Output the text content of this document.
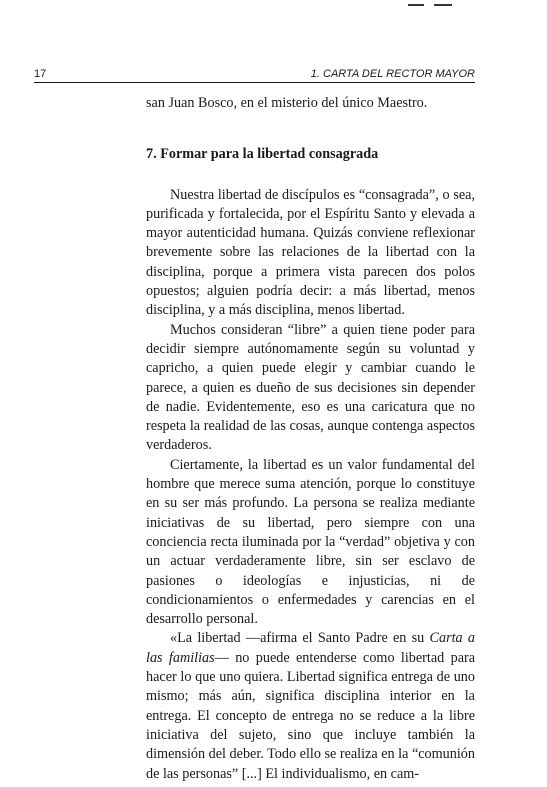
17	1. CARTA DEL RECTOR MAYOR

san Juan Bosco, en el misterio del único Maestro.

7. Formar para la libertad consagrada

Nuestra libertad de discípulos es “consagrada”, o sea, purificada y fortalecida, por el Espíritu Santo y elevada a mayor autenticidad humana. Quizás conviene reflexionar brevemente sobre las relaciones de la libertad con la disciplina, porque a primera vista parecen dos polos opuestos; alguien podría decir: a más libertad, menos disciplina, y a más disciplina, menos libertad.

Muchos consideran “libre” a quien tiene poder para decidir siempre autónomamente según su voluntad y capricho, a quien puede elegir y cambiar cuando le parece, a quien es dueño de sus decisiones sin depender de nadie. Evidentemente, eso es una caricatura que no respeta la realidad de las cosas, aunque contenga aspectos verdaderos.

Ciertamente, la libertad es un valor fundamental del hombre que merece suma atención, porque lo constituye en su ser más profundo. La persona se realiza mediante iniciativas de su libertad, pero siempre con una conciencia recta iluminada por la “verdad” objetiva y con un actuar verdaderamente libre, sin ser esclavo de pasiones o ideologías e injusticias, ni de condicionamientos o enfermedades y carencias en el desarrollo personal.

«La libertad —afirma el Santo Padre en su Carta a las familias— no puede entenderse como libertad para hacer lo que uno quiera. Libertad significa entrega de uno mismo; más aún, significa disciplina interior en la entrega. El concepto de entrega no se reduce a la libre iniciativa del sujeto, sino que incluye también la dimensión del deber. Todo ello se realiza en la “comunión de las personas” [...] El individualismo, en cam-
